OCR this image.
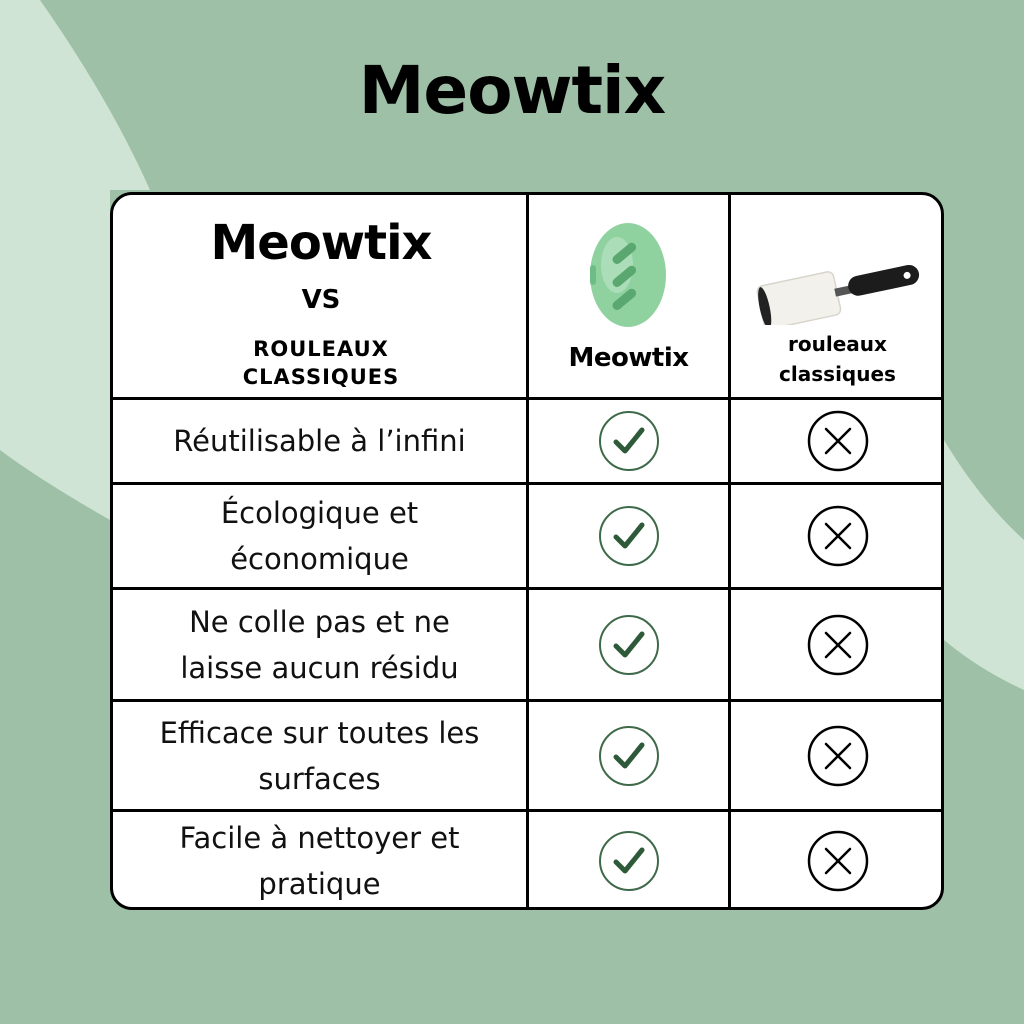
Meowtix
Meowtix
VS
ROULEAUX
CLASSIQUES
Meowtix	rouleaux
classiques
Réutilisable à l’infini
Écologique et
économique
Ne colle pas et ne
laisse aucun résidu
Efficace sur toutes les
surfaces
Facile à nettoyer et
pratique
